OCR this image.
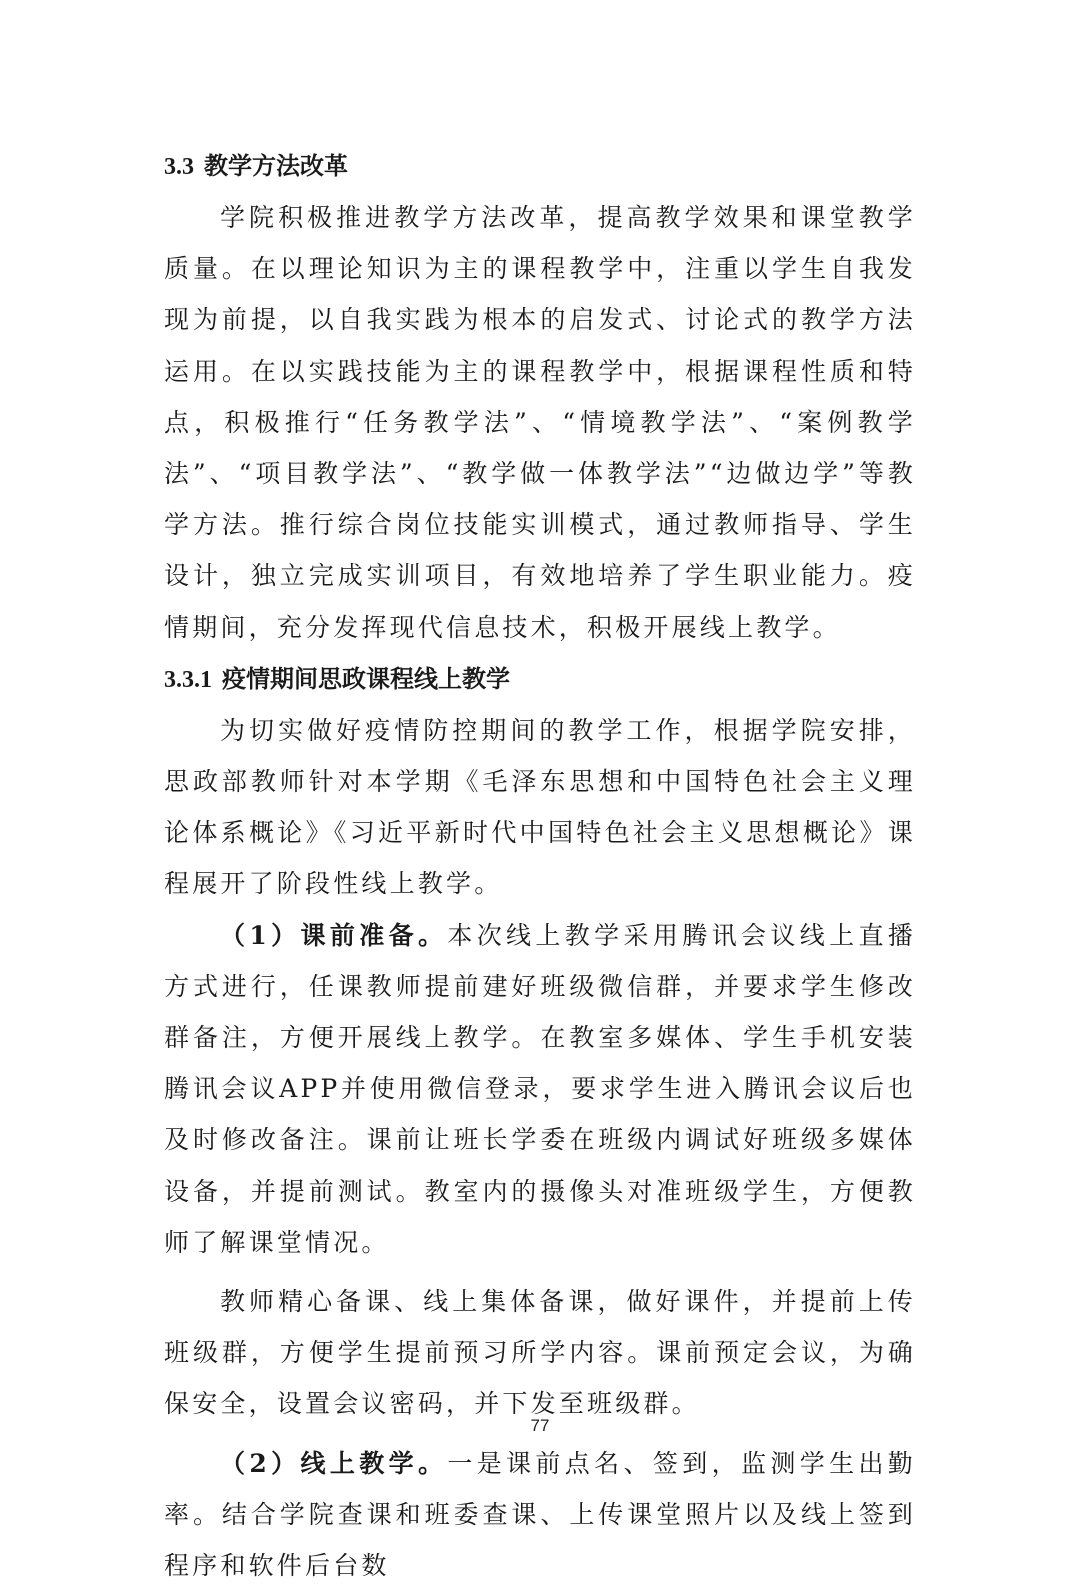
3.3 教学方法改革

学院积极推进教学方法改革，提高教学效果和课堂教学质量。在以理论知识为主的课程教学中，注重以学生自我发现为前提，以自我实践为根本的启发式、讨论式的教学方法运用。在以实践技能为主的课程教学中，根据课程性质和特点，积极推行“任务教学法”、“情境教学法”、“案例教学法”、“项目教学法”、“教学做一体教学法”“边做边学”等教学方法。推行综合岗位技能实训模式，通过教师指导、学生设计，独立完成实训项目，有效地培养了学生职业能力。疫情期间，充分发挥现代信息技术，积极开展线上教学。

3.3.1 疫情期间思政课程线上教学

为切实做好疫情防控期间的教学工作，根据学院安排，思政部教师针对本学期《毛泽东思想和中国特色社会主义理论体系概论》《习近平新时代中国特色社会主义思想概论》课程展开了阶段性线上教学。

（1）课前准备。本次线上教学采用腾讯会议线上直播方式进行，任课教师提前建好班级微信群，并要求学生修改群备注，方便开展线上教学。在教室多媒体、学生手机安装腾讯会议APP并使用微信登录，要求学生进入腾讯会议后也及时修改备注。课前让班长学委在班级内调试好班级多媒体设备，并提前测试。教室内的摄像头对准班级学生，方便教师了解课堂情况。

教师精心备课、线上集体备课，做好课件，并提前上传班级群，方便学生提前预习所学内容。课前预定会议，为确保安全，设置会议密码，并下发至班级群。

（2）线上教学。一是课前点名、签到，监测学生出勤率。结合学院查课和班委查课、上传课堂照片以及线上签到程序和软件后台数

77
